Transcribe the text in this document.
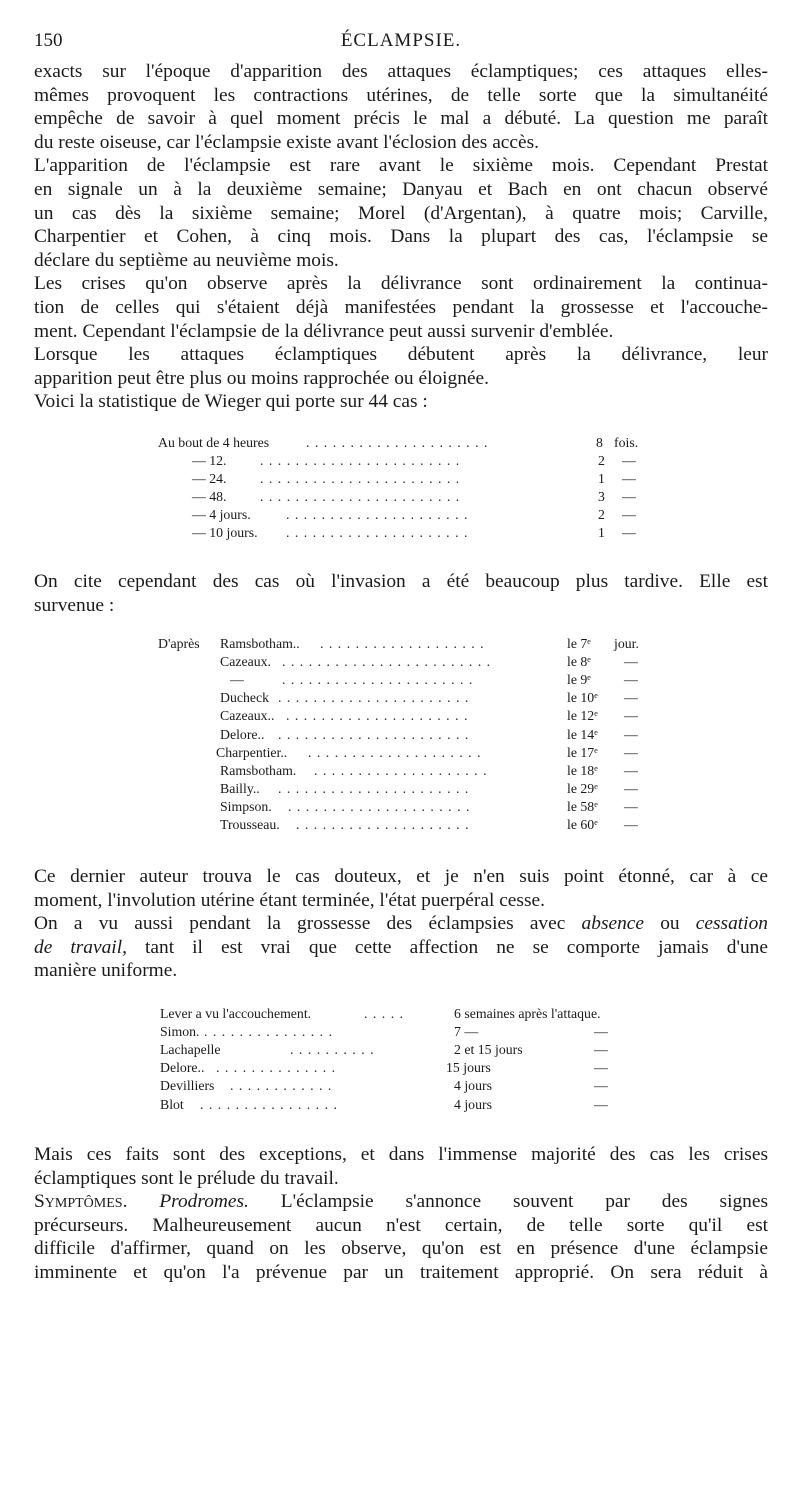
150	ÉCLAMPSIE.

exacts sur l'époque d'apparition des attaques éclamptiques; ces attaques elles-
mêmes provoquent les contractions utérines, de telle sorte que la simultanéité
empêche de savoir à quel moment précis le mal a débuté. La question me paraît
du reste oiseuse, car l'éclampsie existe avant l'éclosion des accès.

L'apparition de l'éclampsie est rare avant le sixième mois. Cependant Prestat
en signale un à la deuxième semaine; Danyau et Bach en ont chacun observé
un cas dès la sixième semaine; Morel (d'Argentan), à quatre mois; Carville,
Charpentier et Cohen, à cinq mois. Dans la plupart des cas, l'éclampsie se
déclare du septième au neuvième mois.

Les crises qu'on observe après la délivrance sont ordinairement la continua-
tion de celles qui s'étaient déjà manifestées pendant la grossesse et l'accouche-
ment. Cependant l'éclampsie de la délivrance peut aussi survenir d'emblée.

Lorsque les attaques éclamptiques débutent après la délivrance, leur
apparition peut être plus ou moins rapprochée ou éloignée.

Voici la statistique de Wieger qui porte sur 44 cas :

Au bout de 4 heures	. . . . . . . . . . . . . . . . . . . . .	8 fois.
— 12. . . . . . . . . . . . . . . . . . . . . . . .	2 —
— 24. . . . . . . . . . . . . . . . . . . . . . . .	1 —
— 48. . . . . . . . . . . . . . . . . . . . . . . .	3 —
— 4 jours.	. . . . . . . . . . . . . . . . . . . . .	2 —
— 10 jours. . . . . . . . . . . . . . . . . . . . . .	1 —

On cite cependant des cas où l'invasion a été beaucoup plus tardive. Elle est
survenue :

D'après Ramsbotham.. . . . . . . . . . . . . . . . . . . .	le 7ᵉ jour.
Cazeaux. . . . . . . . . . . . . . . . . . . . . . . . .	le 8ᵉ —
—	. . . . . . . . . . . . . . . . . . . . . .	le 9ᵉ —
Ducheck . . . . . . . . . . . . . . . . . . . . . .	le 10ᵉ —
Cazeaux.. . . . . . . . . . . . . . . . . . . . . .	le 12ᵉ —
Delore.. . . . . . . . . . . . . . . . . . . . . . .	le 14ᵉ —
Charpentier.. . . . . . . . . . . . . . . . . . . . .	le 17ᵉ —
Ramsbotham. . . . . . . . . . . . . . . . . . . . .	le 18ᵉ —
Bailly.. . . . . . . . . . . . . . . . . . . . . . .	le 29ᵉ —
Simpson. . . . . . . . . . . . . . . . . . . . . .	le 58ᵉ —
Trousseau. . . . . . . . . . . . . . . . . . . . .	le 60ᵉ —

Ce dernier auteur trouva le cas douteux, et je n'en suis point étonné, car à ce
moment, l'involution utérine étant terminée, l'état puerpéral cesse.

On a vu aussi pendant la grossesse des éclampsies avec absence ou cessation
de travail, tant il est vrai que cette affection ne se comporte jamais d'une
manière uniforme.

Lever a vu l'accouchement.	. . . . .	6 semaines après l'attaque.
Simon. . . . . . . . . . . . . . . .	7 —	—
Lachapelle	. . . . . . . . . .	2 et 15 jours	—
Delore.. . . . . . . . . . . . . . .	15 jours	—
Devilliers . . . . . . . . . . . .	4 jours	—
Blot . . . . . . . . . . . . . . . .	4 jours	—

Mais ces faits sont des exceptions, et dans l'immense majorité des cas les crises
éclamptiques sont le prélude du travail.

Symptômes. Prodromes. L'éclampsie s'annonce souvent par des signes
précurseurs. Malheureusement aucun n'est certain, de telle sorte qu'il est
difficile d'affirmer, quand on les observe, qu'on est en présence d'une éclampsie
imminente et qu'on l'a prévenue par un traitement approprié. On sera réduit à
